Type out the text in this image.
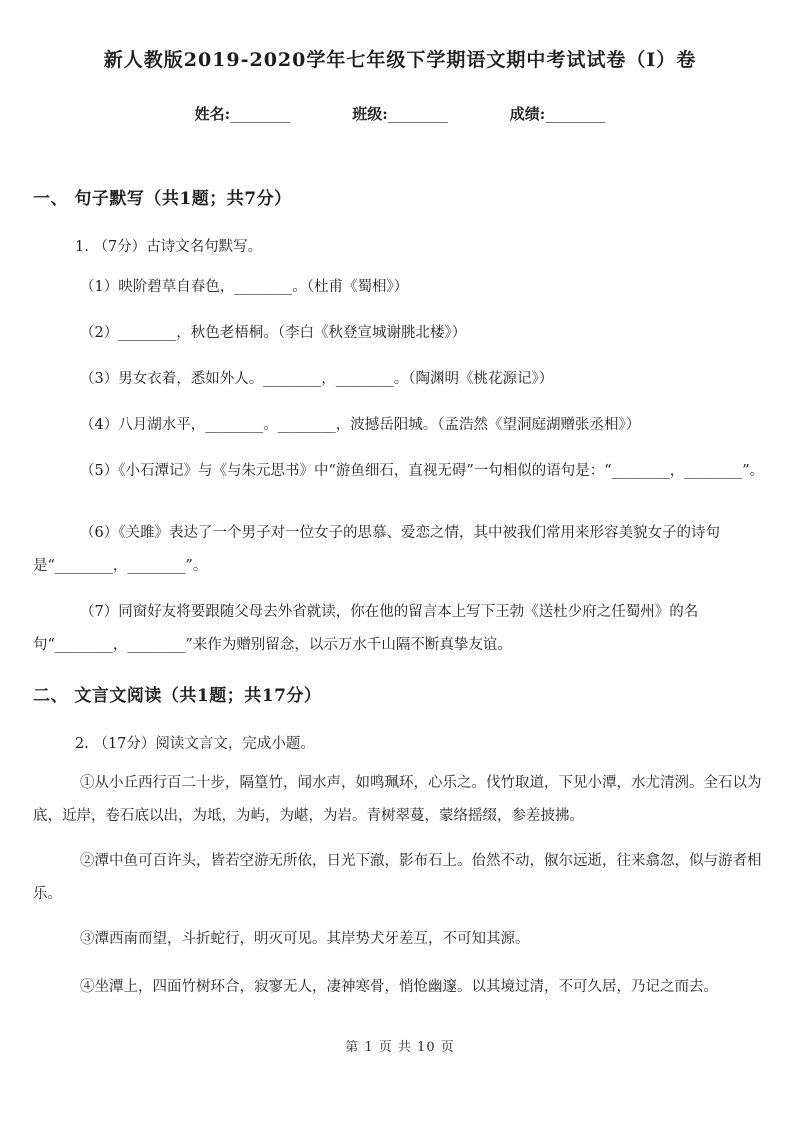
新人教版2019-2020学年七年级下学期语文期中考试试卷（I）卷
姓名:________	班级:________	成绩:________
一、 句子默写（共1题；共7分）

1. （7分）古诗文名句默写。

（1）映阶碧草自春色，________。（杜甫《蜀相》）

（2）________，秋色老梧桐。（李白《秋登宣城谢朓北楼》）

（3）男女衣着，悉如外人。________，________。（陶渊明《桃花源记》）

（4）八月湖水平，________。________，波撼岳阳城。（孟浩然《望洞庭湖赠张丞相》）

（5）《小石潭记》与《与朱元思书》中“游鱼细石，直视无碍”一句相似的语句是：“________，________”。

（6）《关雎》表达了一个男子对一位女子的思慕、爱恋之情，其中被我们常用来形容美貌女子的诗句是“________，________”。

（7）同窗好友将要跟随父母去外省就读，你在他的留言本上写下王勃《送杜少府之任蜀州》的名句“________，________”来作为赠别留念，以示万水千山隔不断真挚友谊。

二、 文言文阅读（共1题；共17分）

2. （17分）阅读文言文，完成小题。

①从小丘西行百二十步，隔篁竹，闻水声，如鸣珮环，心乐之。伐竹取道，下见小潭，水尤清洌。全石以为底，近岸，卷石底以出，为坻，为屿，为嵁，为岩。青树翠蔓，蒙络摇缀，参差披拂。

②潭中鱼可百许头，皆若空游无所依，日光下澈，影布石上。佁然不动，俶尔远逝，往来翕忽，似与游者相乐。

③潭西南而望，斗折蛇行，明灭可见。其岸势犬牙差互，不可知其源。

④坐潭上，四面竹树环合，寂寥无人，凄神寒骨，悄怆幽邃。以其境过清，不可久居，乃记之而去。

第 1 页 共 10 页
